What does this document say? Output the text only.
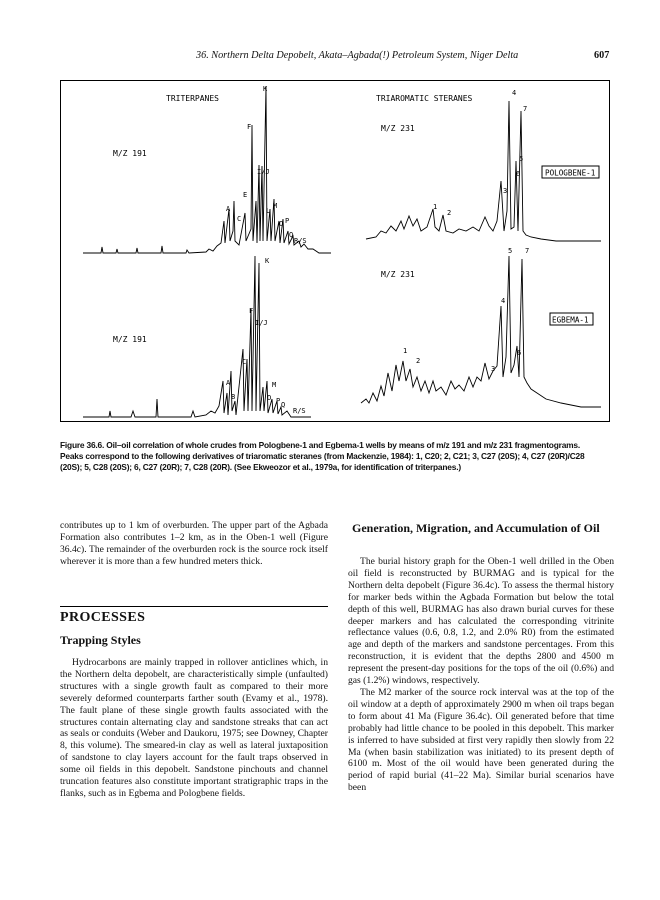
36. Northern Delta Depobelt, Akata–Agbada(!) Petroleum System, Niger Delta	607
TRITERPANES	TRIAROMATIC STERANES
M/Z 191
M/Z 191
M/Z 231
M/Z 231
POLOGBENE-1
EGBEMA-1
K
F
I/J
E
A
C
L
M
O P
Q
R/S
K
F
I/J
C
A
B
M
O P Q
R/S
1
2
3
4
5
7
6
1
2
3
4
5
6
7
Figure 36.6. Oil–oil correlation of whole crudes from Pologbene-1 and Egbema-1 wells by means of m/z 191 and m/z 231 fragmentograms. Peaks correspond to the following derivatives of triaromatic steranes (from Mackenzie, 1984): 1, C20; 2, C21; 3, C27 (20S); 4, C27 (20R)/C28 (20S); 5, C28 (20S); 6, C27 (20R); 7, C28 (20R). (See Ekweozor et al., 1979a, for identification of triterpanes.)

contributes up to 1 km of overburden. The upper part of the Agbada Formation also contributes 1–2 km, as in the Oben-1 well (Figure 36.4c). The remainder of the overburden rock is the source rock itself wherever it is more than a few hundred meters thick.

PROCESSES
Trapping Styles

Hydrocarbons are mainly trapped in rollover anticlines which, in the Northern delta depobelt, are characteristically simple (unfaulted) structures with a single growth fault as compared to their more severely deformed counterparts farther south (Evamy et al., 1978). The fault plane of these single growth faults associated with the structures contain alternating clay and sandstone streaks that can act as seals or conduits (Weber and Daukoru, 1975; see Downey, Chapter 8, this volume). The smeared-in clay as well as lateral juxtaposition of sandstone to clay layers account for the fault traps observed in some oil fields in this depobelt. Sandstone pinchouts and channel truncation features also constitute important stratigraphic traps in the flanks, such as in Egbema and Pologbene fields.

Generation, Migration, and Accumulation of Oil

The burial history graph for the Oben-1 well drilled in the Oben oil field is reconstructed by BURMAG and is typical for the Northern delta depobelt (Figure 36.4c). To assess the thermal history for marker beds within the Agbada Formation but below the total depth of this well, BURMAG has also drawn burial curves for these deeper markers and has calculated the corresponding vitrinite reflectance values (0.6, 0.8, 1.2, and 2.0% R0) from the estimated age and depth of the markers and sandstone percentages. From this reconstruction, it is evident that the depths 2800 and 4500 m represent the present-day positions for the tops of the oil (0.6%) and gas (1.2%) windows, respectively.

The M2 marker of the source rock interval was at the top of the oil window at a depth of approximately 2900 m when oil traps began to form about 41 Ma (Figure 36.4c). Oil generated before that time probably had little chance to be pooled in this depobelt. This marker is inferred to have subsided at first very rapidly then slowly from 22 Ma (when basin stabilization was initiated) to its present depth of 6100 m. Most of the oil would have been generated during the period of rapid burial (41–22 Ma). Similar burial scenarios have been
